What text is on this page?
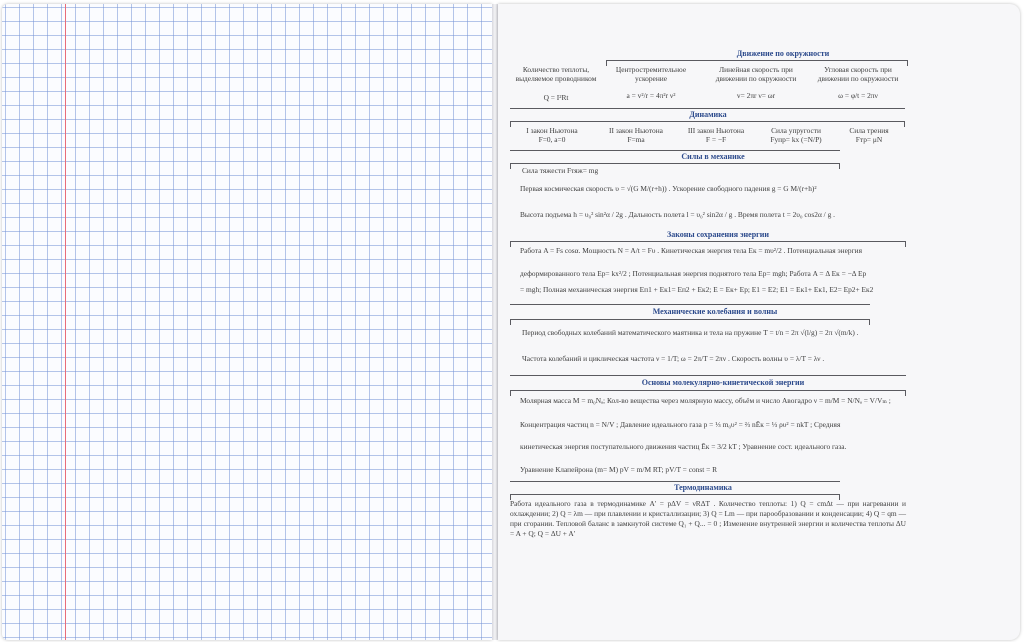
Движение по окружности
Количество теплоты, выделяемое проводником
Q = I²Rt
Центростремительное ускорение
a = v²/r = 4π²r ν²
Линейная скорость при движении по окружности
v= 2πr ν= ωr
Угловая скорость при движении по окружности
ω = φ/t = 2πν
Динамика
I закон Ньютона
F=0, a=0
II закон Ньютона
F=ma
III закон Ньютона
F = −F
Сила упругости
Fупр= kx (=N/P)
Сила трения
Fтр= μN
Силы в механике
Сила тяжести Fтяж= mg
Первая космическая скорость υ = √(G M/(r+h)) . Ускорение свободного падения g = G M/(r+h)²
Высота подъема h = υ₀² sin²α / 2g . Дальность полета l = υ₀² sin2α / g . Время полета t = 2υ₀ cos2α / g .
Законы сохранения энергии
Работа A = Fs cosα. Мощность N = A/t = Fυ . Кинетическая энергия тела Eк = mυ²/2 . Потенциальная энергия
деформированного тела Eр= kx²/2 ; Потенциальная энергия поднятого тела Eр= mgh; Работа A = Δ Eк = −Δ Eр
= mgh; Полная механическая энергия Eп1 + Eк1= Eп2 + Eк2; E = Eк+ Eр; E1 = E2; E1 = Eк1+ Eк1, E2= Eр2+ Eк2
Механические колебания и волны
Период свободных колебаний математического маятника и тела на пружине T = t/n = 2π √(l/g) = 2π √(m/k) .
Частота колебаний и циклическая частота ν = 1/T; ω = 2π/T = 2πν . Скорость волны υ = λ/T = λν .
Основы молекулярно-кинетической энергии
Молярная масса M = m₀Nₐ; Кол-во вещества через молярную массу, объём и число Авогадро ν = m/M = N/Nₐ = V/Vₘ ;
Концентрация частиц n = N/V ; Давление идеального газа p = ⅓ m₀υ² = ⅔ nĒк = ⅓ ρυ² = nkT ; Средняя
кинетическая энергия поступательного движения частиц Ēк = 3/2 kT ; Уравнение сост. идеального газа.
Уравнение Клапейрона (m= M) pV = m/M RT; pV/T = const = R
Термодинамика
Работа идеального газа в термодинамике A' = pΔV = νRΔT . Количество теплоты: 1) Q = cmΔt — при нагревании и охлаждении; 2) Q = λm — при плавлении и кристаллизации; 3) Q = Lm — при парообразовании и конденсации; 4) Q = qm — при сгорании. Тепловой баланс в замкнутой системе Q₁ + Q... = 0 ; Изменение внутренней энергии и количества теплоты ΔU = A + Q; Q = ΔU + A'
